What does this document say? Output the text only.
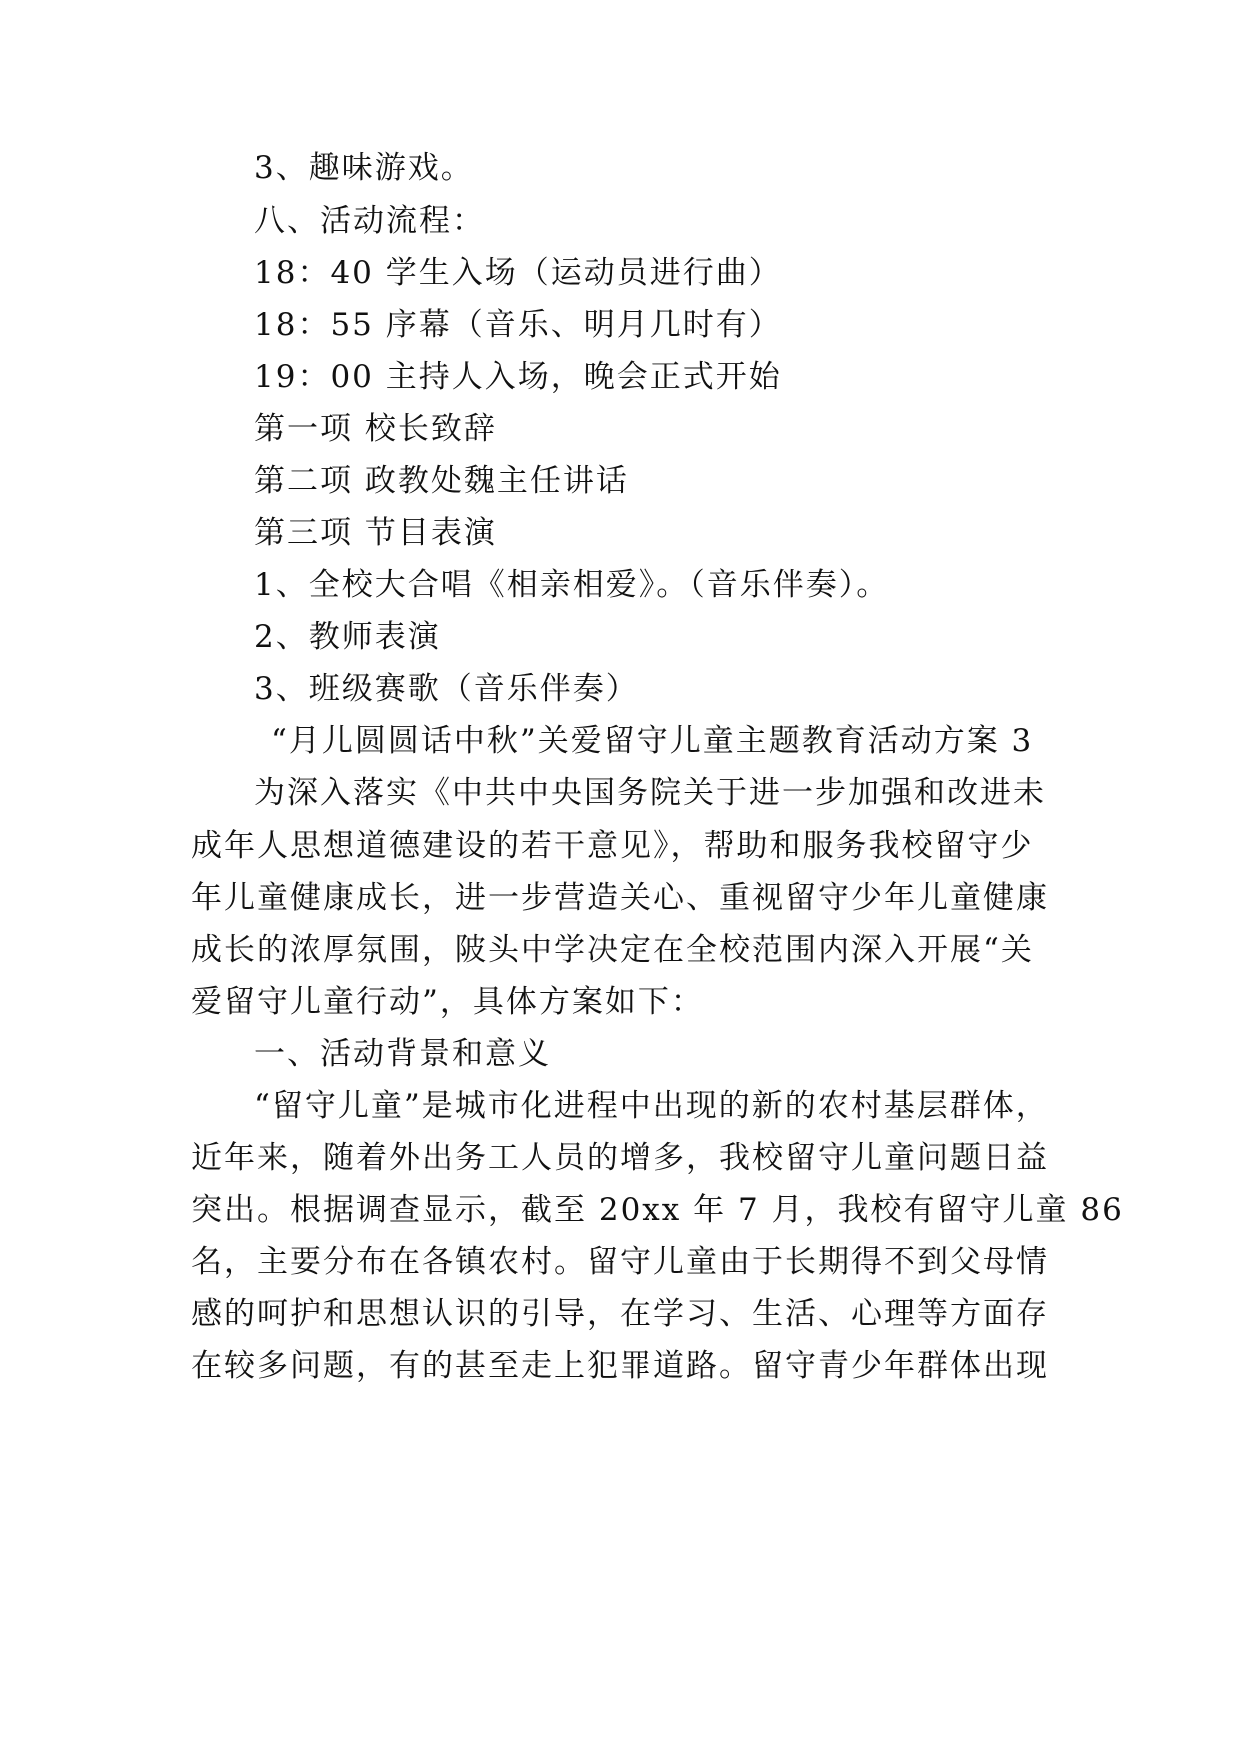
3、趣味游戏。
八、活动流程：
18：40 学生入场（运动员进行曲）
18：55 序幕（音乐、明月几时有）
19：00 主持人入场，晚会正式开始
第一项 校长致辞
第二项 政教处魏主任讲话
第三项 节目表演
1、全校大合唱《相亲相爱》。（音乐伴奏）。
2、教师表演
3、班级赛歌（音乐伴奏）
“月儿圆圆话中秋”关爱留守儿童主题教育活动方案 3
为深入落实《中共中央国务院关于进一步加强和改进未
成年人思想道德建设的若干意见》，帮助和服务我校留守少
年儿童健康成长，进一步营造关心、重视留守少年儿童健康
成长的浓厚氛围，陂头中学决定在全校范围内深入开展“关
爱留守儿童行动”，具体方案如下：
一、活动背景和意义
“留守儿童”是城市化进程中出现的新的农村基层群体，
近年来，随着外出务工人员的增多，我校留守儿童问题日益
突出。根据调查显示，截至 20xx 年 7 月，我校有留守儿童 86
名，主要分布在各镇农村。留守儿童由于长期得不到父母情
感的呵护和思想认识的引导，在学习、生活、心理等方面存
在较多问题，有的甚至走上犯罪道路。留守青少年群体出现
